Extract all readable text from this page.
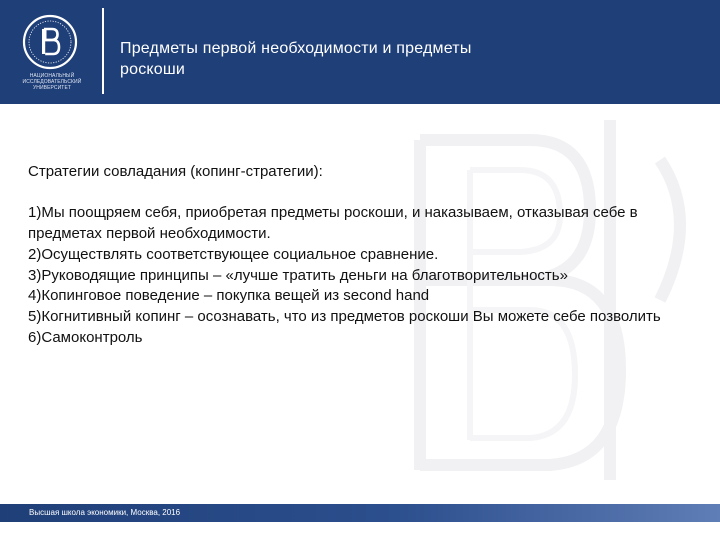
НАЦИОНАЛЬНЫЙ ИССЛЕДОВАТЕЛЬСКИЙ УНИВЕРСИТЕТ
Предметы первой необходимости и предметы
роскоши

Стратегии совладания (копинг-стратегии):

1)Мы поощряем себя, приобретая предметы роскоши, и наказываем, отказывая себе в предметах первой необходимости.

2)Осуществлять соответствующее социальное сравнение.

3)Руководящие принципы – «лучше тратить деньги на благотворительность»

4)Копинговое поведение – покупка вещей из second hand

5)Когнитивный копинг – осознавать, что из предметов роскоши Вы можете себе позволить

6)Самоконтроль

Высшая школа экономики, Москва, 2016
